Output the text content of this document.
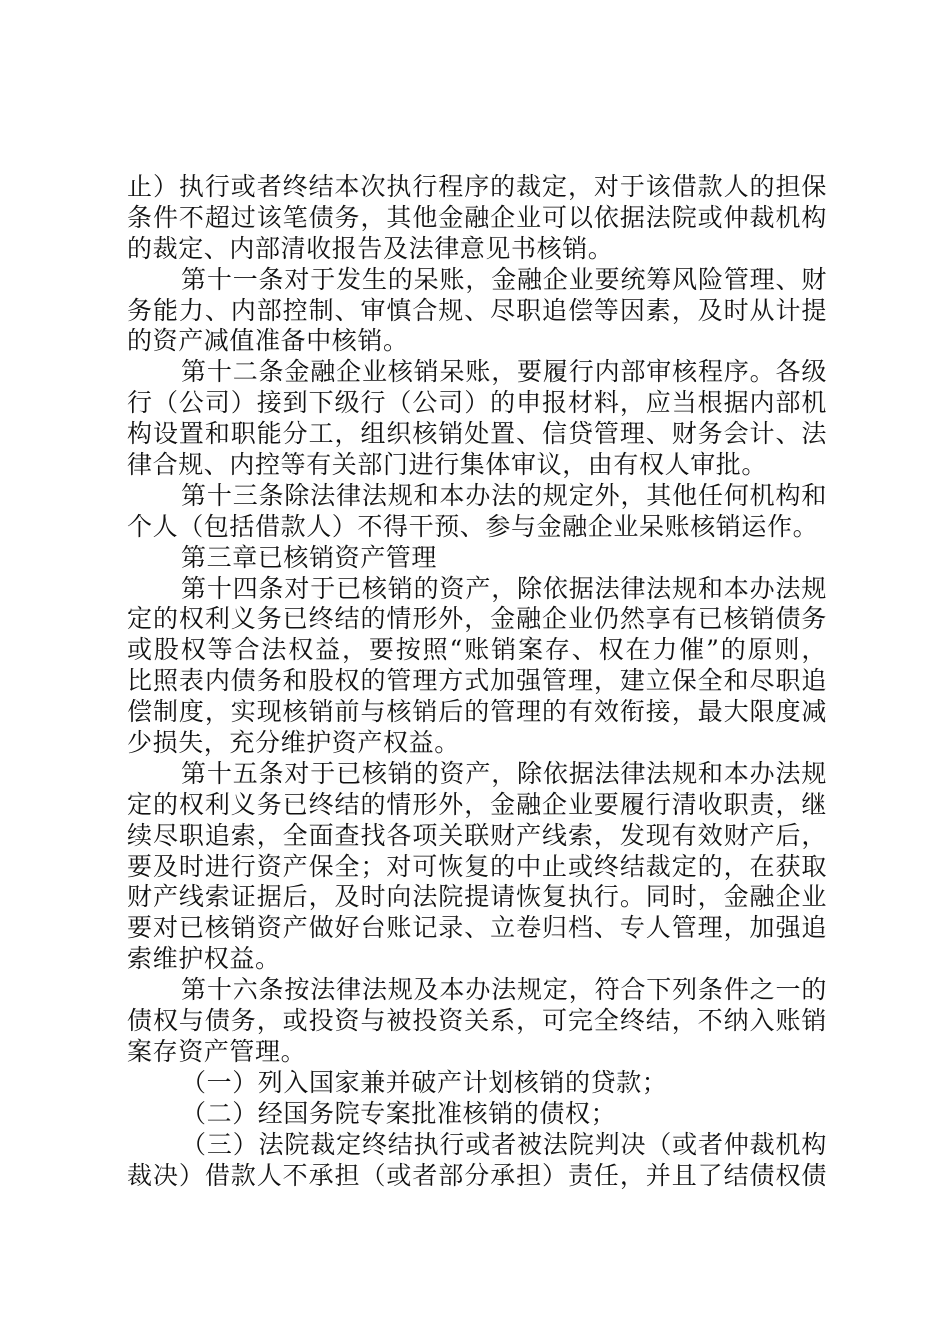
止）执行或者终结本次执行程序的裁定，对于该借款人的担保
条件不超过该笔债务，其他金融企业可以依据法院或仲裁机构
的裁定、内部清收报告及法律意见书核销。
第十一条对于发生的呆账，金融企业要统筹风险管理、财
务能力、内部控制、审慎合规、尽职追偿等因素，及时从计提
的资产减值准备中核销。
第十二条金融企业核销呆账，要履行内部审核程序。各级
行（公司）接到下级行（公司）的申报材料，应当根据内部机
构设置和职能分工，组织核销处置、信贷管理、财务会计、法
律合规、内控等有关部门进行集体审议，由有权人审批。
第十三条除法律法规和本办法的规定外，其他任何机构和
个人（包括借款人）不得干预、参与金融企业呆账核销运作。
第三章已核销资产管理
第十四条对于已核销的资产，除依据法律法规和本办法规
定的权利义务已终结的情形外，金融企业仍然享有已核销债务
或股权等合法权益，要按照“账销案存、权在力催”的原则，
比照表内债务和股权的管理方式加强管理，建立保全和尽职追
偿制度，实现核销前与核销后的管理的有效衔接，最大限度减
少损失，充分维护资产权益。
第十五条对于已核销的资产，除依据法律法规和本办法规
定的权利义务已终结的情形外，金融企业要履行清收职责，继
续尽职追索，全面查找各项关联财产线索，发现有效财产后，
要及时进行资产保全；对可恢复的中止或终结裁定的，在获取
财产线索证据后，及时向法院提请恢复执行。同时，金融企业
要对已核销资产做好台账记录、立卷归档、专人管理，加强追
索维护权益。
第十六条按法律法规及本办法规定，符合下列条件之一的
债权与债务，或投资与被投资关系，可完全终结，不纳入账销
案存资产管理。
（一）列入国家兼并破产计划核销的贷款；
（二）经国务院专案批准核销的债权；
（三）法院裁定终结执行或者被法院判决（或者仲裁机构
裁决）借款人不承担（或者部分承担）责任，并且了结债权债
